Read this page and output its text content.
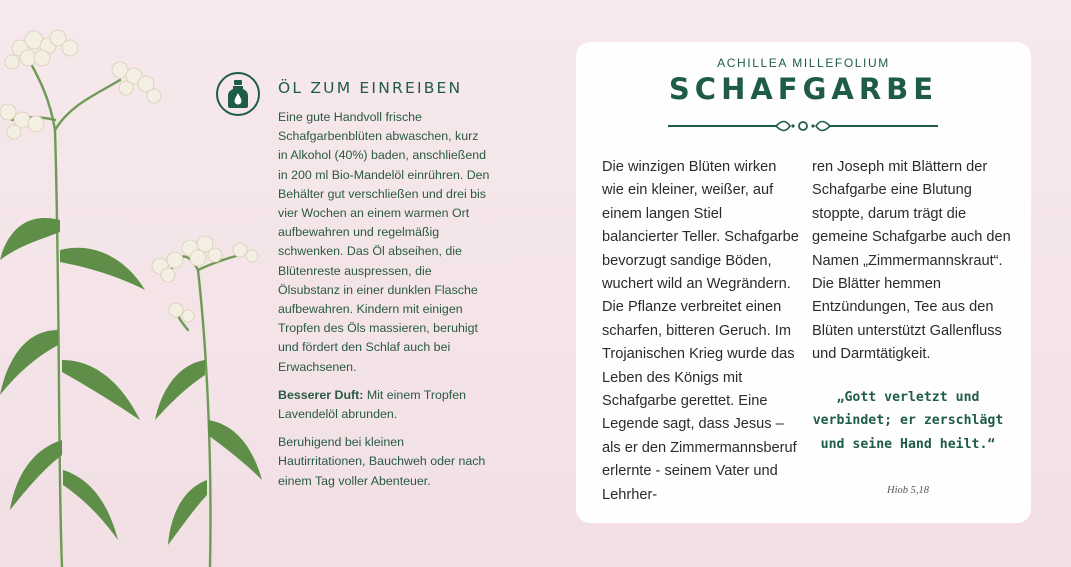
ÖL ZUM EINREIBEN

Eine gute Handvoll frische Schafgarbenblüten abwaschen, kurz in Alkohol (40%) baden, anschließend in 200 ml Bio-Mandelöl einrühren. Den Behälter gut verschließen und drei bis vier Wochen an einem warmen Ort aufbewahren und regelmäßig schwenken. Das Öl abseihen, die Blütenreste auspressen, die Ölsubstanz in einer dunklen Flasche aufbewahren. Kindern mit einigen Tropfen des Öls massieren, beruhigt und fördert den Schlaf auch bei Erwachsenen.

Besserer Duft: Mit einem Tropfen Lavendelöl abrunden.

Beruhigend bei kleinen Hautirritationen, Bauchweh oder nach einem Tag voller Abenteuer.

ACHILLEA MILLEFOLIUM
SCHAFGARBE
Die winzigen Blüten wirken wie ein kleiner, weißer, auf einem langen Stiel balancierter Teller. Schafgarbe bevorzugt sandige Böden, wuchert wild an Wegrändern. Die Pflanze verbreitet einen scharfen, bitteren Geruch. Im Trojanischen Krieg wurde das Leben des Königs mit Schafgarbe gerettet. Eine Legende sagt, dass Jesus – als er den Zimmermannsberuf erlernte - seinem Vater und Lehrher-
ren Joseph mit Blättern der Schafgarbe eine Blutung stoppte, darum trägt die gemeine Schafgarbe auch den Namen „Zimmermannskraut“. Die Blätter hemmen Entzündungen, Tee aus den Blüten unterstützt Gallenfluss und Darmtätigkeit.
„Gott verletzt und verbindet; er zerschlägt und seine Hand heilt.“
Hiob 5,18
